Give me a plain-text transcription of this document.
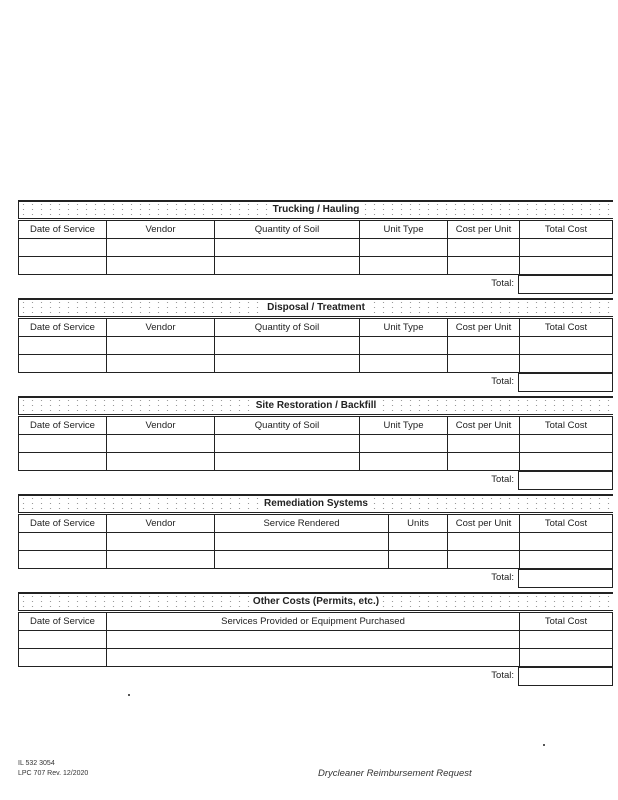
Trucking / Hauling
Date of Service	Vendor	Quantity of Soil	Unit Type	Cost per Unit	Total Cost

Total:
Disposal / Treatment
Date of Service	Vendor	Quantity of Soil	Unit Type	Cost per Unit	Total Cost

Total:
Site Restoration / Backfill
Date of Service	Vendor	Quantity of Soil	Unit Type	Cost per Unit	Total Cost

Total:
Remediation Systems
Date of Service	Vendor	Service Rendered	Units	Cost per Unit	Total Cost

Total:
Other Costs (Permits, etc.)
Date of Service	Services Provided or Equipment Purchased	Total Cost

Total:
IL 532 3054
LPC 707 Rev. 12/2020	Drycleaner Reimbursement Request
